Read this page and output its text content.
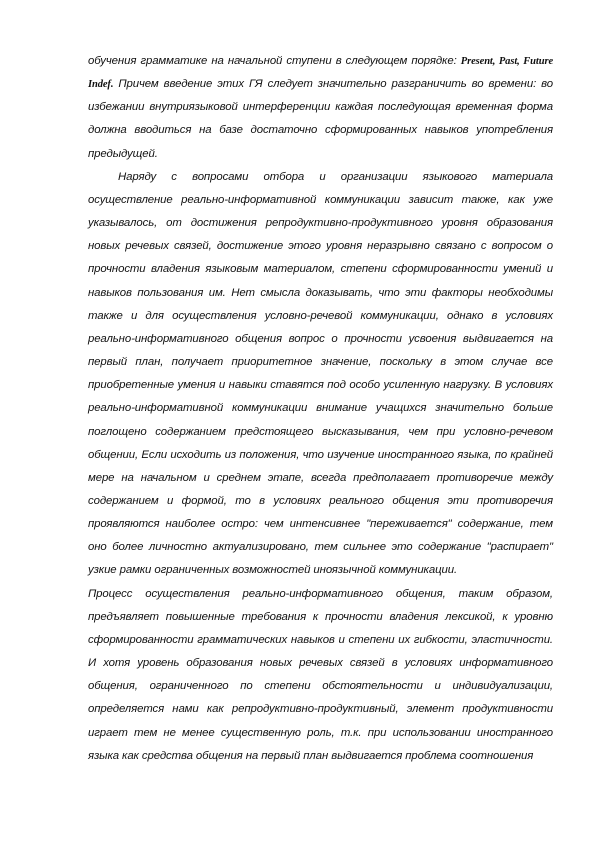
обучения грамматике на начальной ступени в следующем порядке: Present, Past, Future Indef. Причем введение этих ГЯ следует значительно разграничить во времени: во избежании внутриязыковой интерференции каждая последующая временная форма должна вводиться на базе достаточно сформированных навыков употребления предыдущей.

Наряду с вопросами отбора и организации языкового материала осуществление реально-информативной коммуникации зависит также, как уже указывалось, от достижения репродуктивно-продуктивного уровня образования новых речевых связей, достижение этого уровня неразрывно связано с вопросом о прочности владения языковым материалом, степени сформированности умений и навыков пользования им. Нет смысла доказывать, что эти факторы необходимы также и для осуществления условно-речевой коммуникации, однако в условиях реально-информативного общения вопрос о прочности усвоения выдвигается на первый план, получает приоритетное значение, поскольку в этом случае все приобретенные умения и навыки ставятся под особо усиленную нагрузку. В условиях реально-информативной коммуникации внимание учащихся значительно больше поглощено содержанием предстоящего высказывания, чем при условно-речевом общении, Если исходить из положения, что изучение иностранного языка, по крайней мере на начальном и среднем этапе, всегда предполагает противоречие между содержанием и формой, то в условиях реального общения эти противоречия проявляются наиболее остро: чем интенсивнее "переживается" содержание, тем оно более личностно актуализировано, тем сильнее это содержание "распирает" узкие рамки ограниченных возможностей иноязычной коммуникации.

Процесс осуществления реально-информативного общения, таким образом, предъявляет повышенные требования к прочности владения лексикой, к уровню сформированности грамматических навыков и степени их гибкости, эластичности. И хотя уровень образования новых речевых связей в условиях информативного общения, ограниченного по степени обстоятельности и индивидуализации, определяется нами как репродуктивно-продуктивный, элемент продуктивности играет тем не менее существенную роль, т.к. при использовании иностранного языка как средства общения на первый план выдвигается проблема соотношения
